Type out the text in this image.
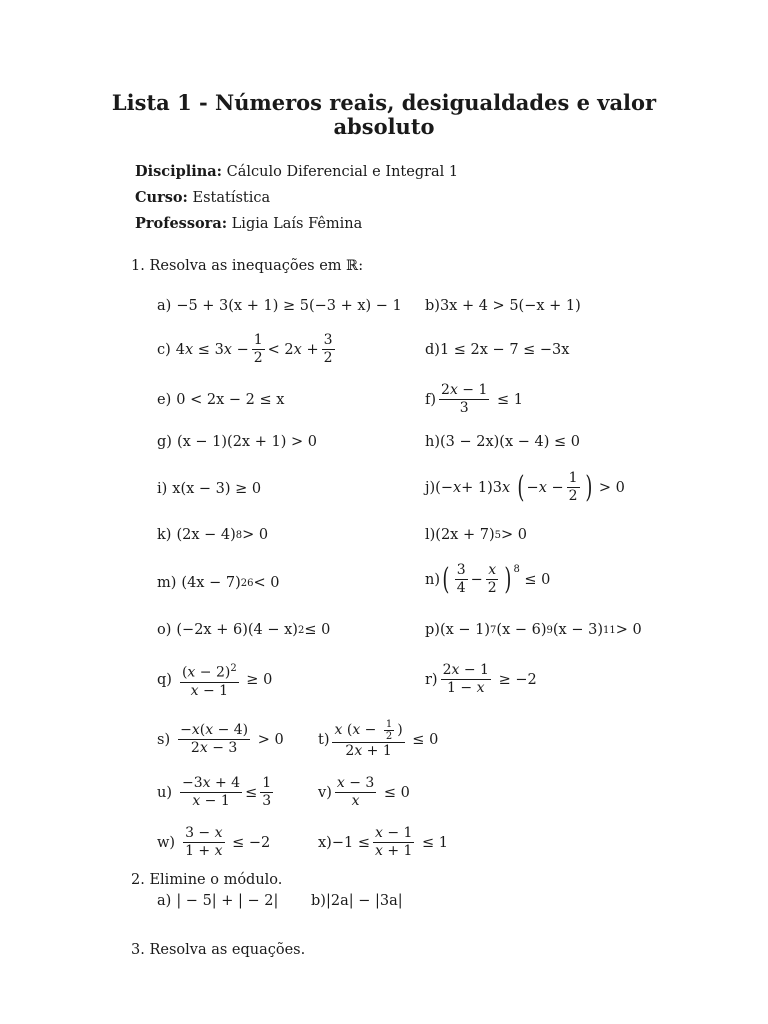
Lista 1 - Números reais, desigualdades e valor
absoluto
Disciplina: Cálculo Diferencial e Integral 1
Curso: Estatística
Professora: Ligia Laís Fêmina
1. Resolva as inequações em ℝ:
a) −5 + 3(x + 1) ≥ 5(−3 + x) − 1 b) 3x + 4 > 5(−x + 1)
c) 4 x ≤ 3 $x - \frac{1}{2} < 2$ $x + \frac{3}{2}$	d) 1 ≤ 2x − 7 ≤ −3x
e) 0 < 2x − 2 ≤ x	$f) \frac{2x - 1}{3} \le 1$
g) (x − 1)(2x + 1) > 0	h) (3 − 2x)(x − 4) ≤ 0
i) x(x − 3) ≥ 0	j) (− x + 1)3 x
( − $x - \frac{1}{2}$ ) > 0
k) (2x − 4) 8 > 0	l) (2x + 7) 5 > 0
m) (4x − 7) 26 < 0	n) ( $\frac{3}{4} - \frac{x}{2} )^8$
≤ 0
o) (−2x + 6)(4 − x) 2 ≤ 0	p) (x − 1) 7 (x − 6) 9 (x − 3) 11 > 0
$q) \frac{(x - 2)^2}{x - 1} \ge 0$	$r) \frac{2x - 1}{1 - x} \ge -2$
$s) \frac{-x(x - 4)}{2x - 3} > 0$ $t) \frac{x ( x - \frac{1}{2} )}{2x + 1} \le 0$
$u) \frac{-3x + 4}{x - 1} \le \frac{1}{3}$	$v) \frac{x - 3}{x} \le 0$
$w) \frac{3 - x}{1 + x} \le -2$	$x) -1 \le \frac{x - 1}{x + 1} \le 1$
2. Elimine o módulo.
a) | − 5| + | − 2| b) |2a| − |3a|
3. Resolva as equações.
